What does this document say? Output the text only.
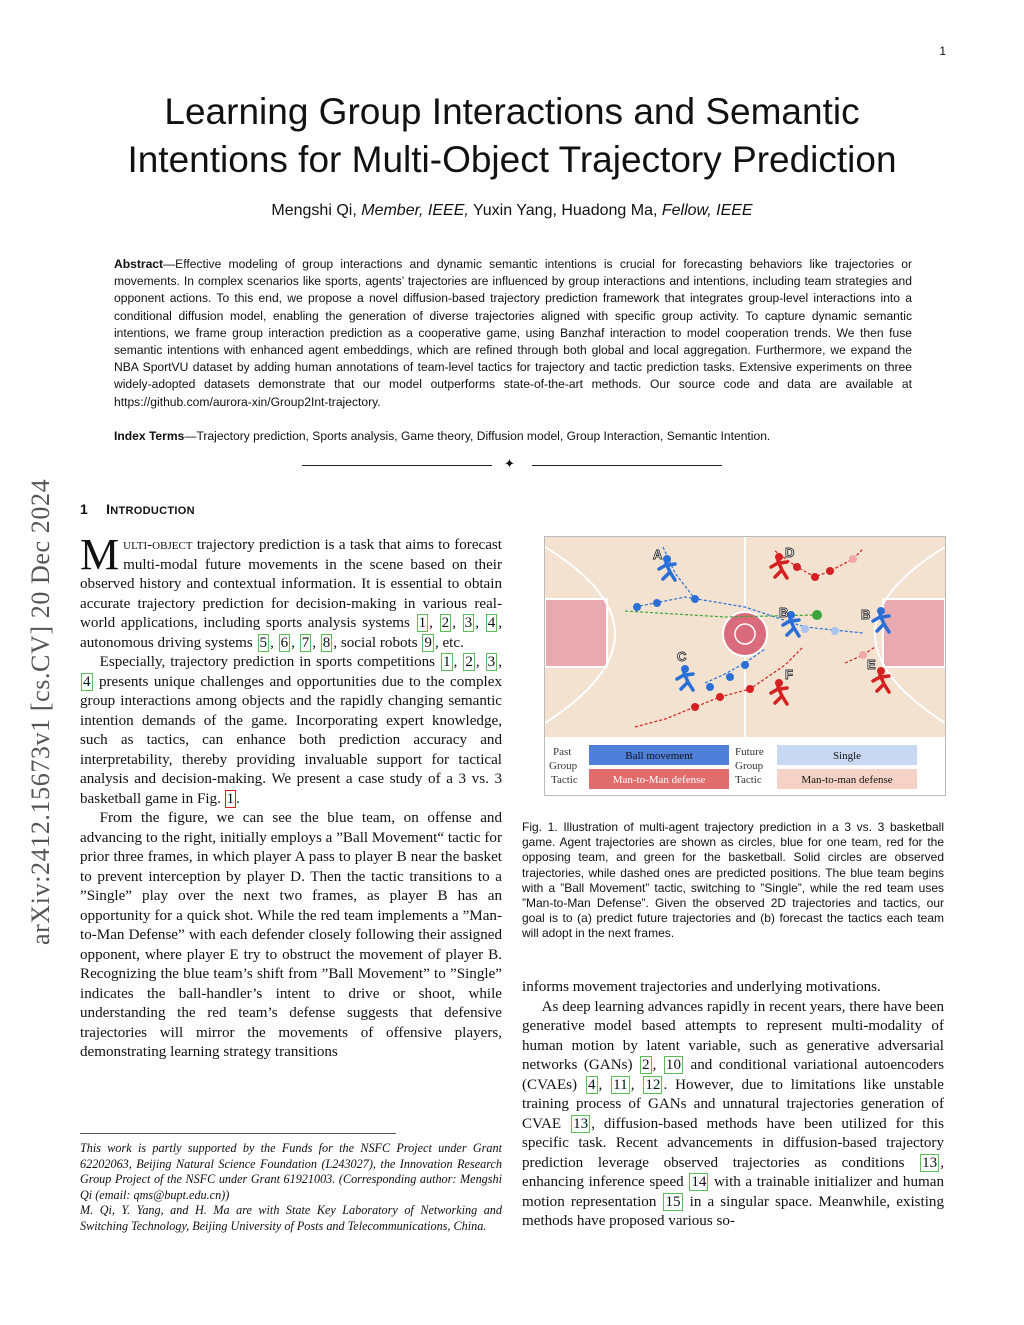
1
Learning Group Interactions and Semantic Intentions for Multi-Object Trajectory Prediction
Mengshi Qi, Member, IEEE, Yuxin Yang, Huadong Ma, Fellow, IEEE
Abstract—Effective modeling of group interactions and dynamic semantic intentions is crucial for forecasting behaviors like trajectories or movements. In complex scenarios like sports, agents’ trajectories are influenced by group interactions and intentions, including team strategies and opponent actions. To this end, we propose a novel diffusion-based trajectory prediction framework that integrates group-level interactions into a conditional diffusion model, enabling the generation of diverse trajectories aligned with specific group activity. To capture dynamic semantic intentions, we frame group interaction prediction as a cooperative game, using Banzhaf interaction to model cooperation trends. We then fuse semantic intentions with enhanced agent embeddings, which are refined through both global and local aggregation. Furthermore, we expand the NBA SportVU dataset by adding human annotations of team-level tactics for trajectory and tactic prediction tasks. Extensive experiments on three widely-adopted datasets demonstrate that our model outperforms state-of-the-art methods. Our source code and data are available at https://github.com/aurora-xin/Group2Int-trajectory.
Index Terms—Trajectory prediction, Sports analysis, Game theory, Diffusion model, Group Interaction, Semantic Intention.
✦
arXiv:2412.15673v1 [cs.CV] 20 Dec 2024 1 INTRODUCTION

Multi-object trajectory prediction is a task that aims to forecast multi-modal future movements in the scene based on their observed history and contextual information. It is essential to obtain accurate trajectory prediction for decision-making in various real-world applications, including sports analysis systems 1 , 2 , 3 , 4 , autonomous driving systems 5 , 6 , 7 , 8 , social robots 9 , etc.

Especially, trajectory prediction in sports competitions 1 , 2 , 3 , 4 presents unique challenges and opportunities due to the complex group interactions among objects and the rapidly changing semantic intention demands of the game. Incorporating expert knowledge, such as tactics, can enhance both prediction accuracy and interpretability, thereby providing invaluable support for tactical analysis and decision-making. We present a case study of a 3 vs. 3 basketball game in Fig. 1 .

From the figure, we can see the blue team, on offense and advancing to the right, initially employs a ”Ball Movement“ tactic for prior three frames, in which player A pass to player B near the basket to prevent interception by player D. Then the tactic transitions to a ”Single” play over the next two frames, as player B has an opportunity for a quick shot. While the red team implements a ”Man-to-Man Defense” with each defender closely following their assigned opponent, where player E try to obstruct the movement of player B. Recognizing the blue team’s shift from ”Ball Movement” to ”Single” indicates the ball-handler’s intent to drive or shoot, while understanding the red team’s defense suggests that defensive trajectories will mirror the movements of offensive players, demonstrating learning strategy transitions

This work is partly supported by the Funds for the NSFC Project under Grant 62202063, Beijing Natural Science Foundation (L243027), the Innovation Research Group Project of the NSFC under Grant 61921003. (Corresponding author: Mengshi Qi (email: qms@bupt.edu.cn))

M. Qi, Y. Yang, and H. Ma are with State Key Laboratory of Networking and Switching Technology, Beijing University of Posts and Telecommunications, China.

A	D
B	B
C
E
F
Past
Group
Tactic
Future
Group
Tactic
Ball movement
Man-to-Man defense
Single
Man-to-man defense
Fig. 1. Illustration of multi-agent trajectory prediction in a 3 vs. 3 basketball game. Agent trajectories are shown as circles, blue for one team, red for the opposing team, and green for the basketball. Solid circles are observed trajectories, while dashed ones are predicted positions. The blue team begins with a ”Ball Movement” tactic, switching to ”Single”, while the red team uses ”Man-to-Man Defense”. Given the observed 2D trajectories and tactics, our goal is to (a) predict future trajectories and (b) forecast the tactics each team will adopt in the next frames.

informs movement trajectories and underlying motivations.

As deep learning advances rapidly in recent years, there have been generative model based attempts to represent multi-modality of human motion by latent variable, such as generative adversarial networks (GANs) 2 , 10 and conditional variational autoencoders (CVAEs) 4 , 11 , 12 . However, due to limitations like unstable training process of GANs and unnatural trajectories generation of CVAE 13 , diffusion-based methods have been utilized for this specific task. Recent advancements in diffusion-based trajectory prediction leverage observed trajectories as conditions 13 , enhancing inference speed 14 with a trainable initializer and human motion representation 15 in a singular space. Meanwhile, existing methods have proposed various so-
